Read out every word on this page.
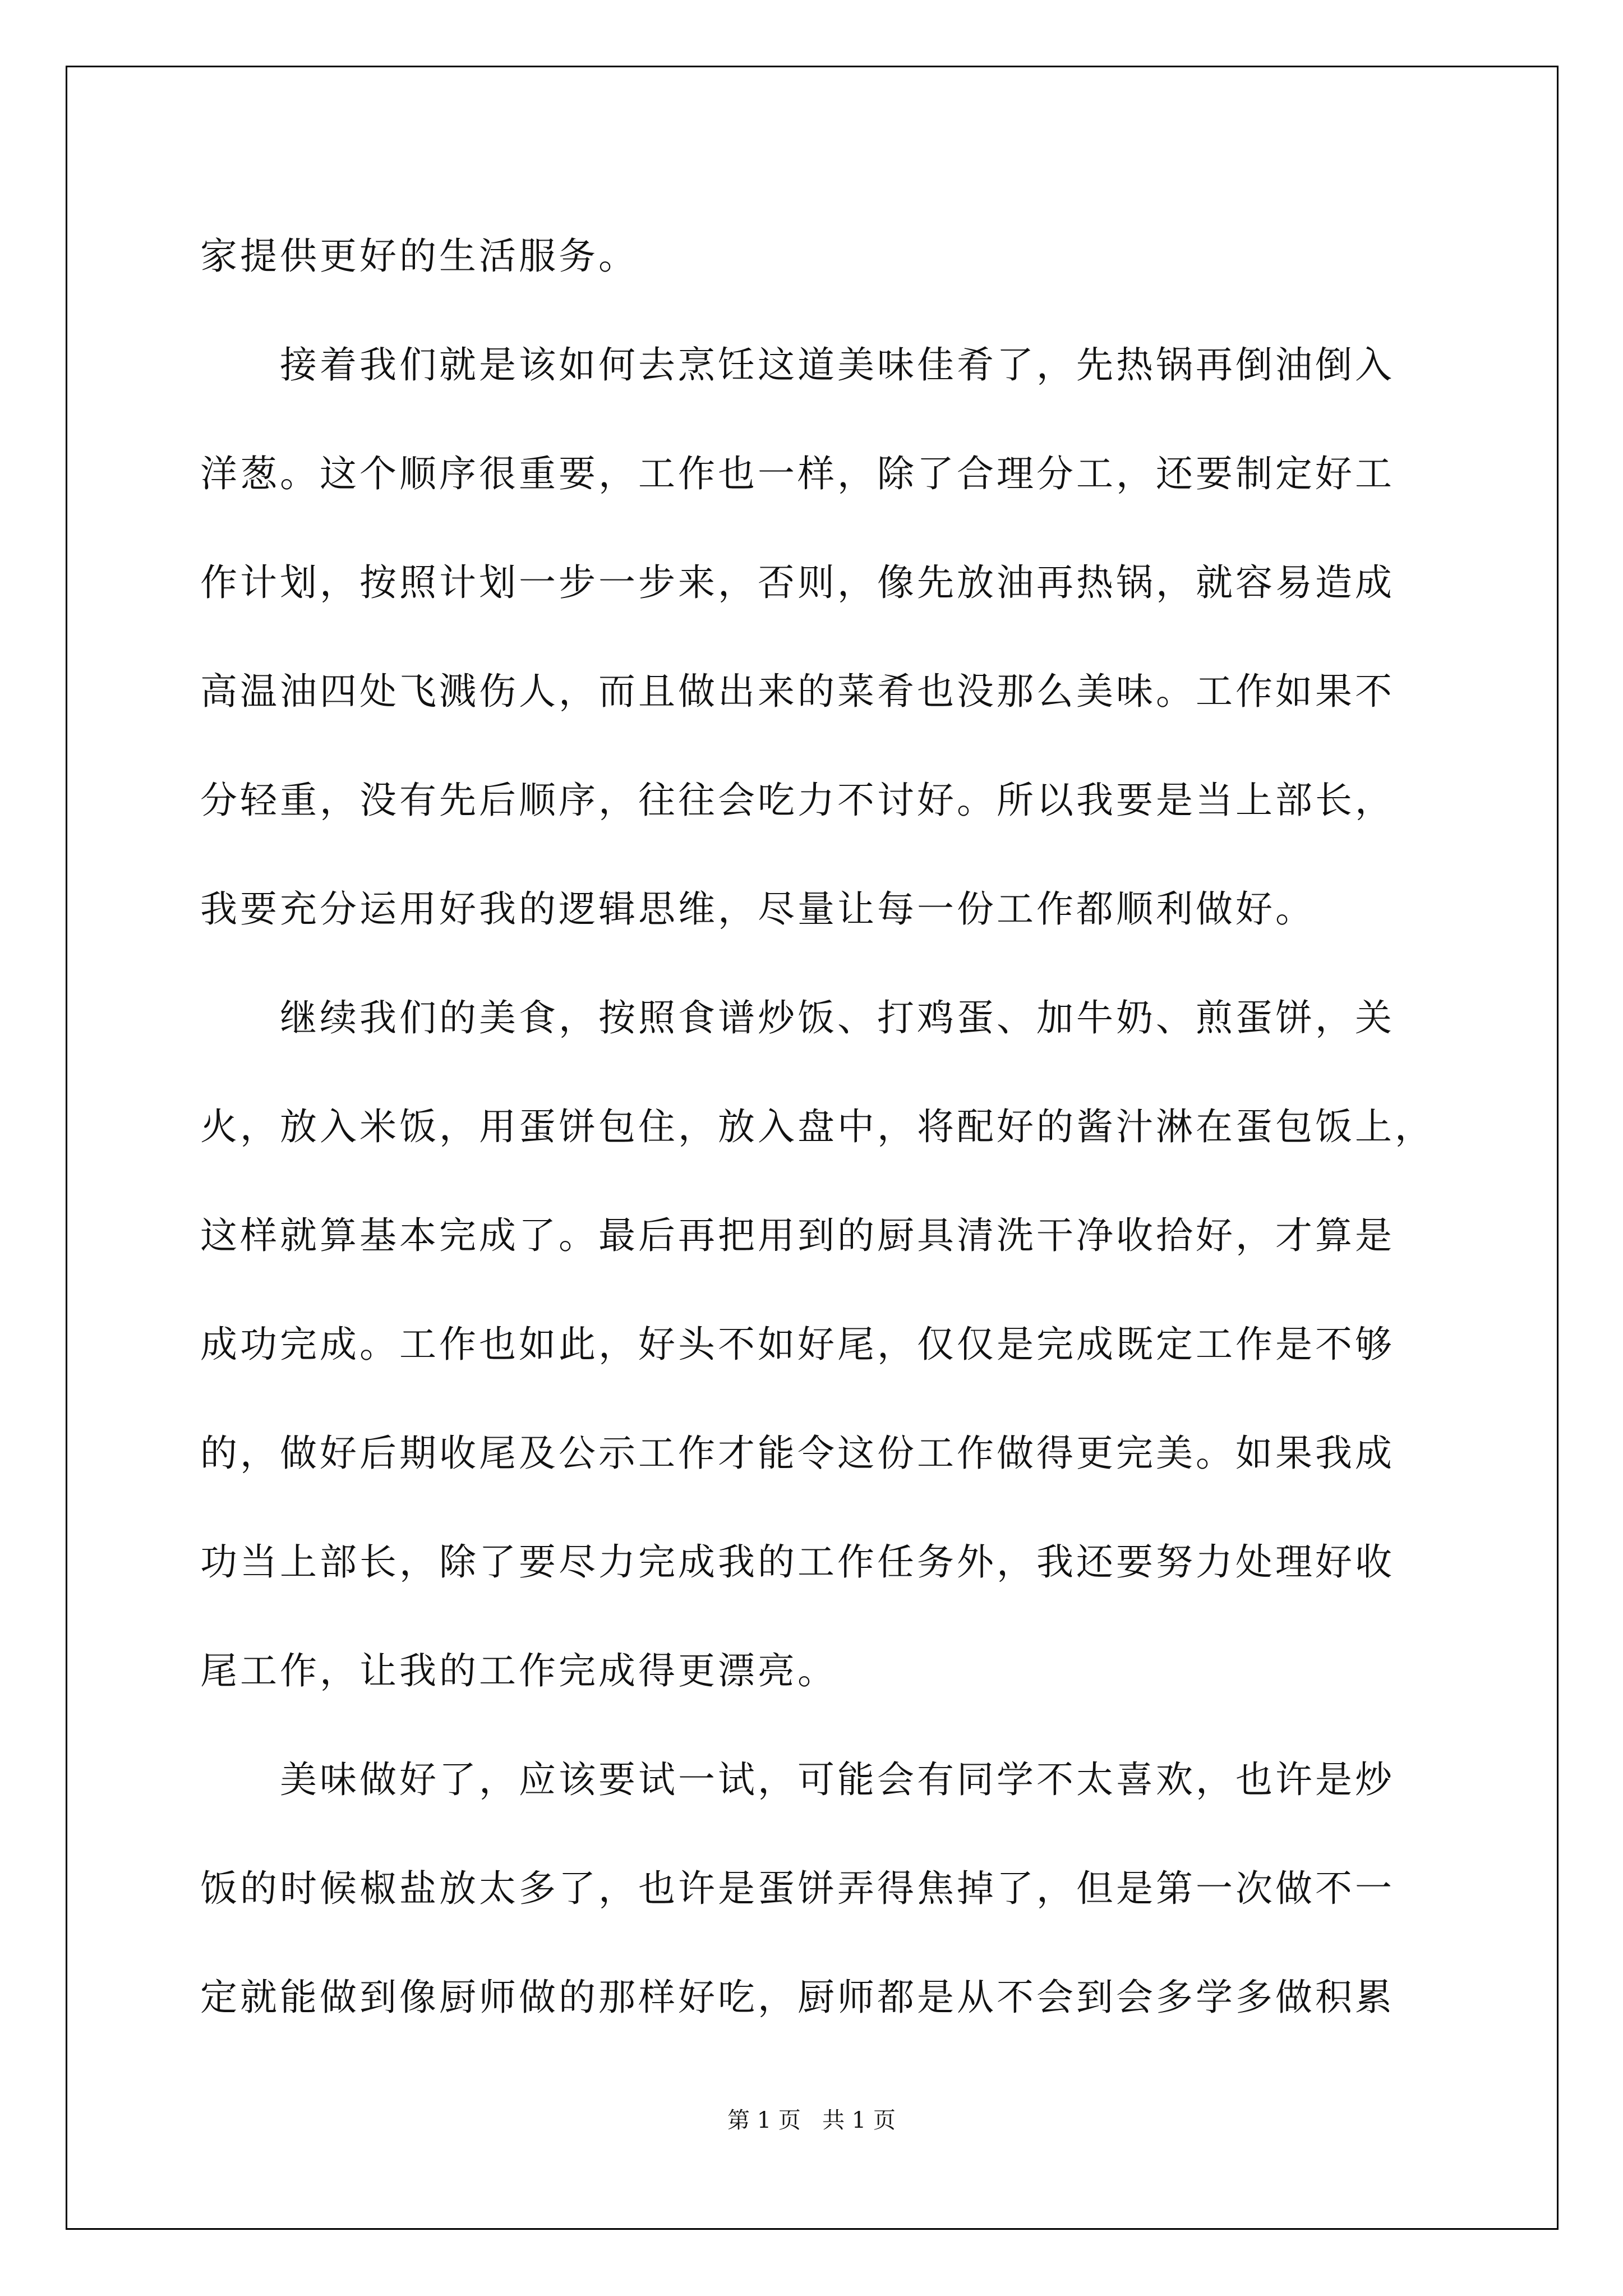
家提供更好的生活服务。
接着我们就是该如何去烹饪这道美味佳肴了，先热锅再倒油倒入
洋葱。这个顺序很重要，工作也一样，除了合理分工，还要制定好工
作计划，按照计划一步一步来，否则，像先放油再热锅，就容易造成
高温油四处飞溅伤人，而且做出来的菜肴也没那么美味。工作如果不
分轻重，没有先后顺序，往往会吃力不讨好。所以我要是当上部长，
我要充分运用好我的逻辑思维，尽量让每一份工作都顺利做好。
继续我们的美食，按照食谱炒饭、打鸡蛋、加牛奶、煎蛋饼，关
火，放入米饭，用蛋饼包住，放入盘中，将配好的酱汁淋在蛋包饭上，
这样就算基本完成了。最后再把用到的厨具清洗干净收拾好，才算是
成功完成。工作也如此，好头不如好尾，仅仅是完成既定工作是不够
的，做好后期收尾及公示工作才能令这份工作做得更完美。如果我成
功当上部长，除了要尽力完成我的工作任务外，我还要努力处理好收
尾工作，让我的工作完成得更漂亮。
美味做好了，应该要试一试，可能会有同学不太喜欢，也许是炒
饭的时候椒盐放太多了，也许是蛋饼弄得焦掉了，但是第一次做不一
定就能做到像厨师做的那样好吃，厨师都是从不会到会多学多做积累
第 1 页   共 1 页
